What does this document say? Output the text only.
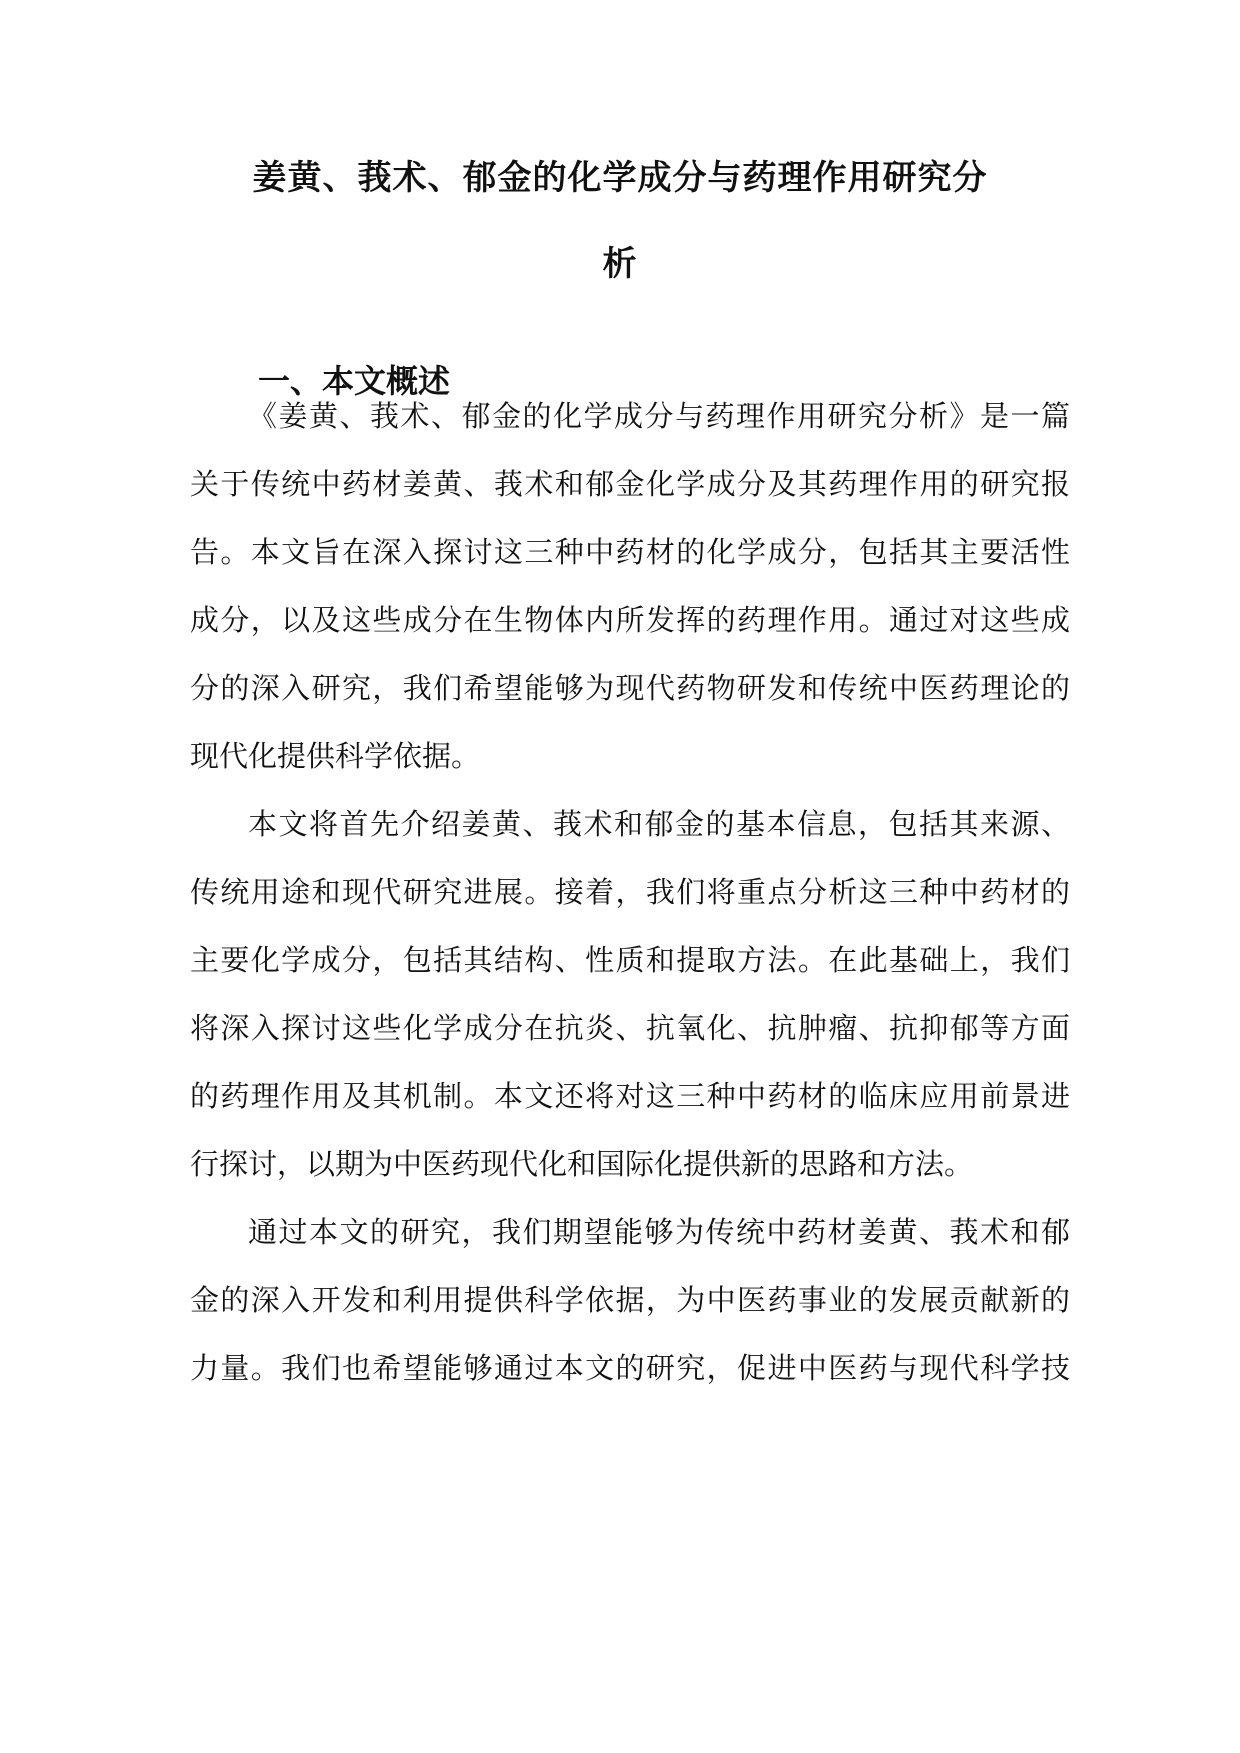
姜黄、莪术、郁金的化学成分与药理作用研究分
析
一、本文概述
《姜黄、莪术、郁金的化学成分与药理作用研究分析》是一篇
关于传统中药材姜黄、莪术和郁金化学成分及其药理作用的研究报
告。本文旨在深入探讨这三种中药材的化学成分，包括其主要活性
成分，以及这些成分在生物体内所发挥的药理作用。通过对这些成
分的深入研究，我们希望能够为现代药物研发和传统中医药理论的
现代化提供科学依据。
本文将首先介绍姜黄、莪术和郁金的基本信息，包括其来源、
传统用途和现代研究进展。接着，我们将重点分析这三种中药材的
主要化学成分，包括其结构、性质和提取方法。在此基础上，我们
将深入探讨这些化学成分在抗炎、抗氧化、抗肿瘤、抗抑郁等方面
的药理作用及其机制。本文还将对这三种中药材的临床应用前景进
行探讨，以期为中医药现代化和国际化提供新的思路和方法。
通过本文的研究，我们期望能够为传统中药材姜黄、莪术和郁
金的深入开发和利用提供科学依据，为中医药事业的发展贡献新的
力量。我们也希望能够通过本文的研究，促进中医药与现代科学技
